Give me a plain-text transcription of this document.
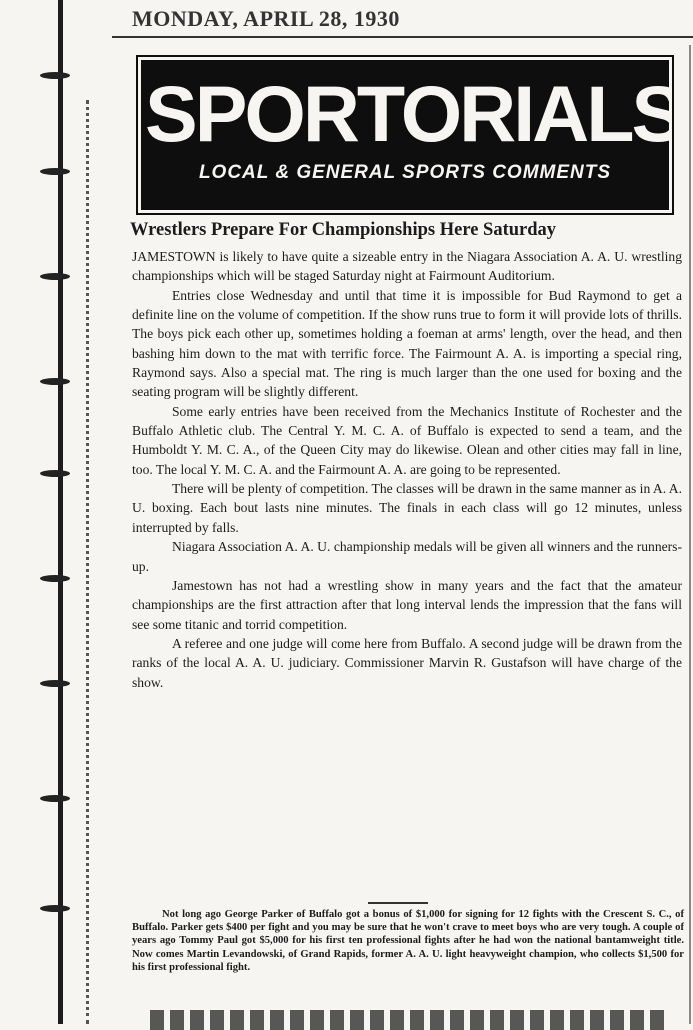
MONDAY, APRIL 28, 1930
SPORTORIALS
LOCAL & GENERAL SPORTS COMMENTS
Wrestlers Prepare For Championships Here Saturday

JAMESTOWN is likely to have quite a sizeable entry in the Niagara Association A. A. U. wrestling championships which will be staged Saturday night at Fairmount Auditorium.

Entries close Wednesday and until that time it is impossible for Bud Raymond to get a definite line on the volume of competition. If the show runs true to form it will provide lots of thrills. The boys pick each other up, sometimes holding a foeman at arms' length, over the head, and then bashing him down to the mat with terrific force. The Fairmount A. A. is importing a special ring, Raymond says. Also a special mat. The ring is much larger than the one used for boxing and the seating program will be slightly different.

Some early entries have been received from the Mechanics Institute of Rochester and the Buffalo Athletic club. The Central Y. M. C. A. of Buffalo is expected to send a team, and the Humboldt Y. M. C. A., of the Queen City may do likewise. Olean and other cities may fall in line, too. The local Y. M. C. A. and the Fairmount A. A. are going to be represented.

There will be plenty of competition. The classes will be drawn in the same manner as in A. A. U. boxing. Each bout lasts nine minutes. The finals in each class will go 12 minutes, unless interrupted by falls.

Niagara Association A. A. U. championship medals will be given all winners and the runners-up.

Jamestown has not had a wrestling show in many years and the fact that the amateur championships are the first attraction after that long interval lends the impression that the fans will see some titanic and torrid competition.

A referee and one judge will come here from Buffalo. A second judge will be drawn from the ranks of the local A. A. U. judiciary. Commissioner Marvin R. Gustafson will have charge of the show.

Not long ago George Parker of Buffalo got a bonus of $1,000 for signing for 12 fights with the Crescent S. C., of Buffalo. Parker gets $400 per fight and you may be sure that he won't crave to meet boys who are very tough. A couple of years ago Tommy Paul got $5,000 for his first ten professional fights after he had won the national bantamweight title. Now comes Martin Levandowski, of Grand Rapids, former A. A. U. light heavyweight champion, who collects $1,500 for his first professional fight.
